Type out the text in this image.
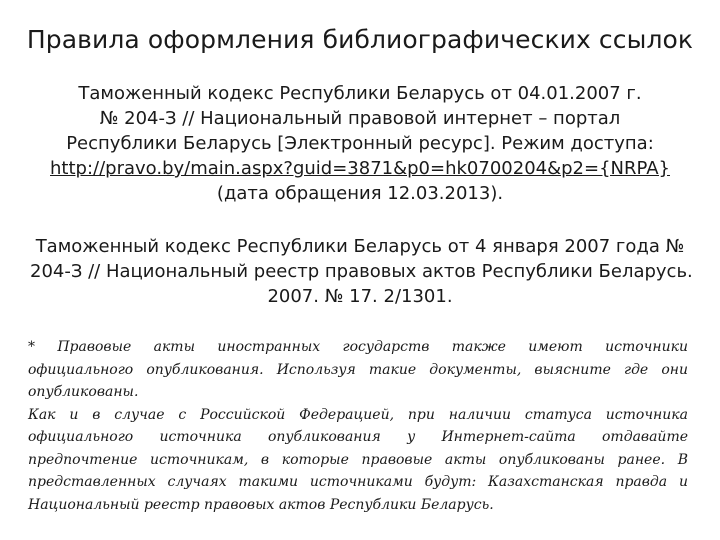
Правила оформления библиографических ссылок

Таможенный кодекс Республики Беларусь от 04.01.2007 г.
№ 204-З // Национальный правовой интернет – портал
Республики Беларусь [Электронный ресурс]. Режим доступа:
http://pravo.by/main.aspx?guid=3871&p0=hk0700204&p2={NRPA}
(дата обращения 12.03.2013).

Таможенный кодекс Республики Беларусь от 4 января 2007 года №
204-З // Национальный реестр правовых актов Республики Беларусь.
2007. № 17. 2/1301.

* Правовые акты иностранных государств также имеют источники
официального опубликования. Используя такие документы, выясните где они
опубликованы.
Как и в случае с Российской Федерацией, при наличии статуса источника
официального источника опубликования у Интернет-сайта отдавайте
предпочтение источникам, в которые правовые акты опубликованы ранее. В
представленных случаях такими источниками будут: Казахстанская правда и
Национальный реестр правовых актов Республики Беларусь.
